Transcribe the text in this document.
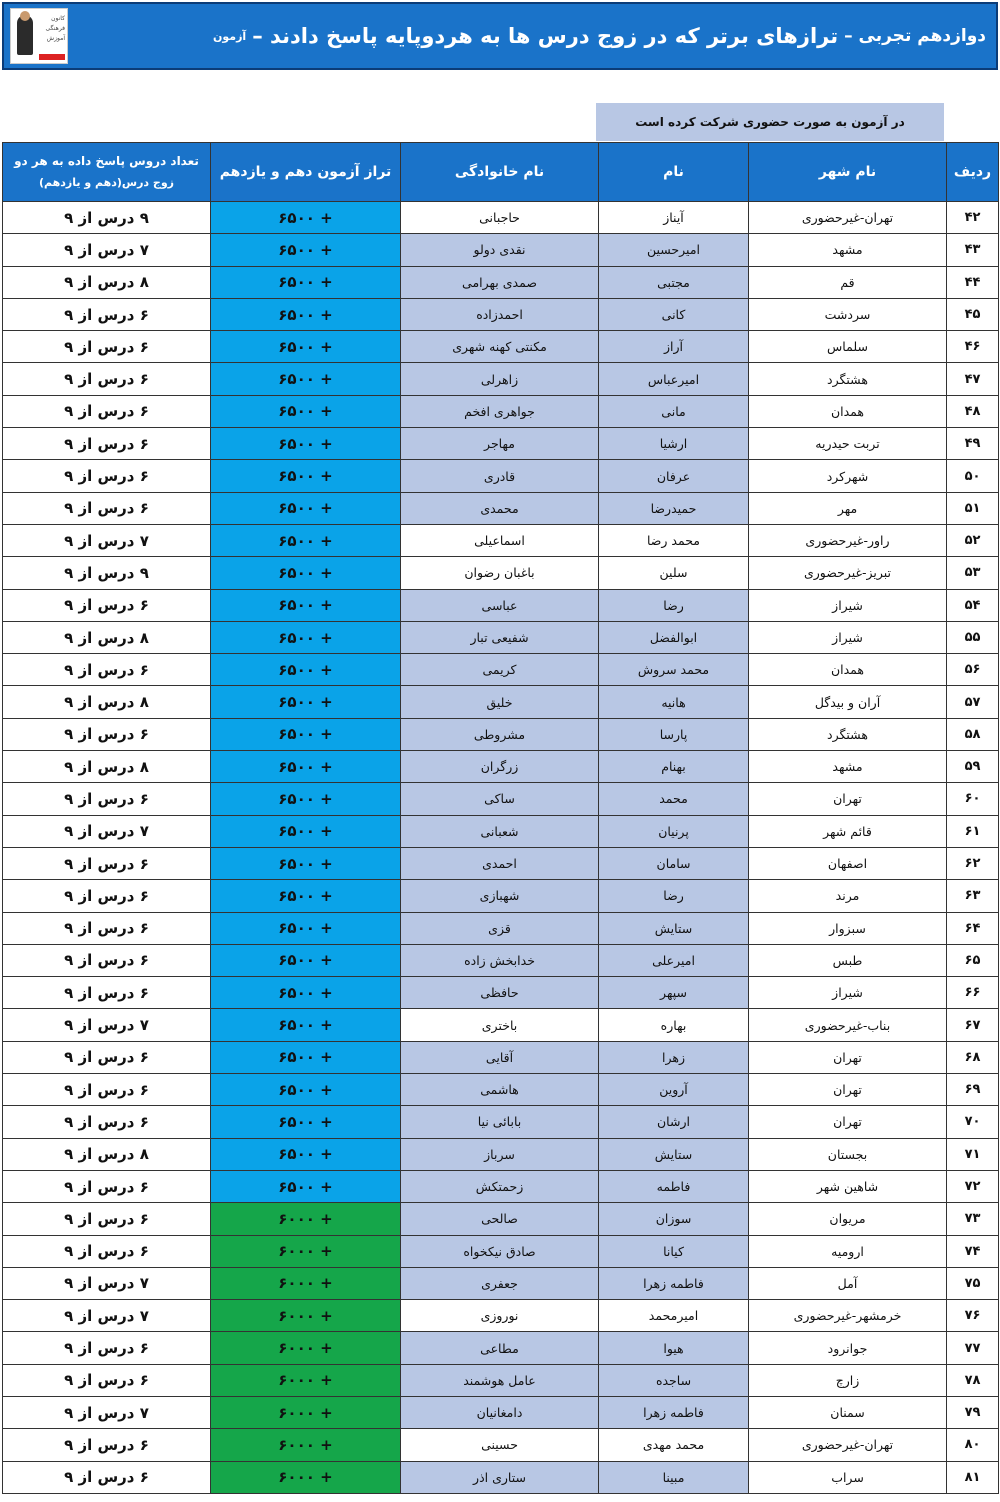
دوازدهم تجربی –
ترازهای برتر که در زوج درس ها به هردوپایه پاسخ دادند –
آزمون
کانون
فرهنگی
آموزش
در آزمون به صورت حضوری شرکت کرده است
ردیف	نام شهر	نام	نام خانوادگی	تراز آزمون دهم و یازدهم	تعداد دروس پاسخ داده به هر دو
زوج درس(دهم و یازدهم)

۴۲	تهران-غیرحضوری	آیناز	حاجبانی	+ ۶۵۰۰	۹ درس از ۹
۴۳	مشهد	امیرحسین	نقدی دولو	+ ۶۵۰۰	۷ درس از ۹
۴۴	قم	مجتبی	صمدی بهرامی	+ ۶۵۰۰	۸ درس از ۹
۴۵	سردشت	کانی	احمدزاده	+ ۶۵۰۰	۶ درس از ۹
۴۶	سلماس	آراز	مکنتی کهنه شهری	+ ۶۵۰۰	۶ درس از ۹
۴۷	هشتگرد	امیرعباس	زاهرلی	+ ۶۵۰۰	۶ درس از ۹
۴۸	همدان	مانی	جواهری افخم	+ ۶۵۰۰	۶ درس از ۹
۴۹	تربت حیدریه	ارشیا	مهاجر	+ ۶۵۰۰	۶ درس از ۹
۵۰	شهرکرد	عرفان	قادری	+ ۶۵۰۰	۶ درس از ۹
۵۱	مهر	حمیدرضا	محمدی	+ ۶۵۰۰	۶ درس از ۹
۵۲	راور-غیرحضوری	محمد رضا	اسماعیلی	+ ۶۵۰۰	۷ درس از ۹
۵۳	تبریز-غیرحضوری	سلین	باغبان رضوان	+ ۶۵۰۰	۹ درس از ۹
۵۴	شیراز	رضا	عباسی	+ ۶۵۰۰	۶ درس از ۹
۵۵	شیراز	ابوالفضل	شفیعی تبار	+ ۶۵۰۰	۸ درس از ۹
۵۶	همدان	محمد سروش	کریمی	+ ۶۵۰۰	۶ درس از ۹
۵۷	آران و بیدگل	هانیه	خلیق	+ ۶۵۰۰	۸ درس از ۹
۵۸	هشتگرد	پارسا	مشروطی	+ ۶۵۰۰	۶ درس از ۹
۵۹	مشهد	بهنام	زرگران	+ ۶۵۰۰	۸ درس از ۹
۶۰	تهران	محمد	ساکی	+ ۶۵۰۰	۶ درس از ۹
۶۱	قائم شهر	پرنیان	شعبانی	+ ۶۵۰۰	۷ درس از ۹
۶۲	اصفهان	سامان	احمدی	+ ۶۵۰۰	۶ درس از ۹
۶۳	مرند	رضا	شهبازی	+ ۶۵۰۰	۶ درس از ۹
۶۴	سبزوار	ستایش	قزی	+ ۶۵۰۰	۶ درس از ۹
۶۵	طبس	امیرعلی	خدابخش زاده	+ ۶۵۰۰	۶ درس از ۹
۶۶	شیراز	سپهر	حافظی	+ ۶۵۰۰	۶ درس از ۹
۶۷	بناب-غیرحضوری	بهاره	باختری	+ ۶۵۰۰	۷ درس از ۹
۶۸	تهران	زهرا	آقایی	+ ۶۵۰۰	۶ درس از ۹
۶۹	تهران	آروین	هاشمی	+ ۶۵۰۰	۶ درس از ۹
۷۰	تهران	ارشان	بابائی نیا	+ ۶۵۰۰	۶ درس از ۹
۷۱	بجستان	ستایش	سرباز	+ ۶۵۰۰	۸ درس از ۹
۷۲	شاهین شهر	فاطمه	زحمتکش	+ ۶۵۰۰	۶ درس از ۹
۷۳	مریوان	سوزان	صالحی	+ ۶۰۰۰	۶ درس از ۹
۷۴	ارومیه	کیانا	صادق نیکخواه	+ ۶۰۰۰	۶ درس از ۹
۷۵	آمل	فاطمه زهرا	جعفری	+ ۶۰۰۰	۷ درس از ۹
۷۶	خرمشهر-غیرحضوری	امیرمحمد	نوروزی	+ ۶۰۰۰	۷ درس از ۹
۷۷	جوانرود	هیوا	مطاعی	+ ۶۰۰۰	۶ درس از ۹
۷۸	زارچ	ساجده	عامل هوشمند	+ ۶۰۰۰	۶ درس از ۹
۷۹	سمنان	فاطمه زهرا	دامغانیان	+ ۶۰۰۰	۷ درس از ۹
۸۰	تهران-غیرحضوری	محمد مهدی	حسینی	+ ۶۰۰۰	۶ درس از ۹
۸۱	سراب	مبینا	ستاری اذر	+ ۶۰۰۰	۶ درس از ۹
